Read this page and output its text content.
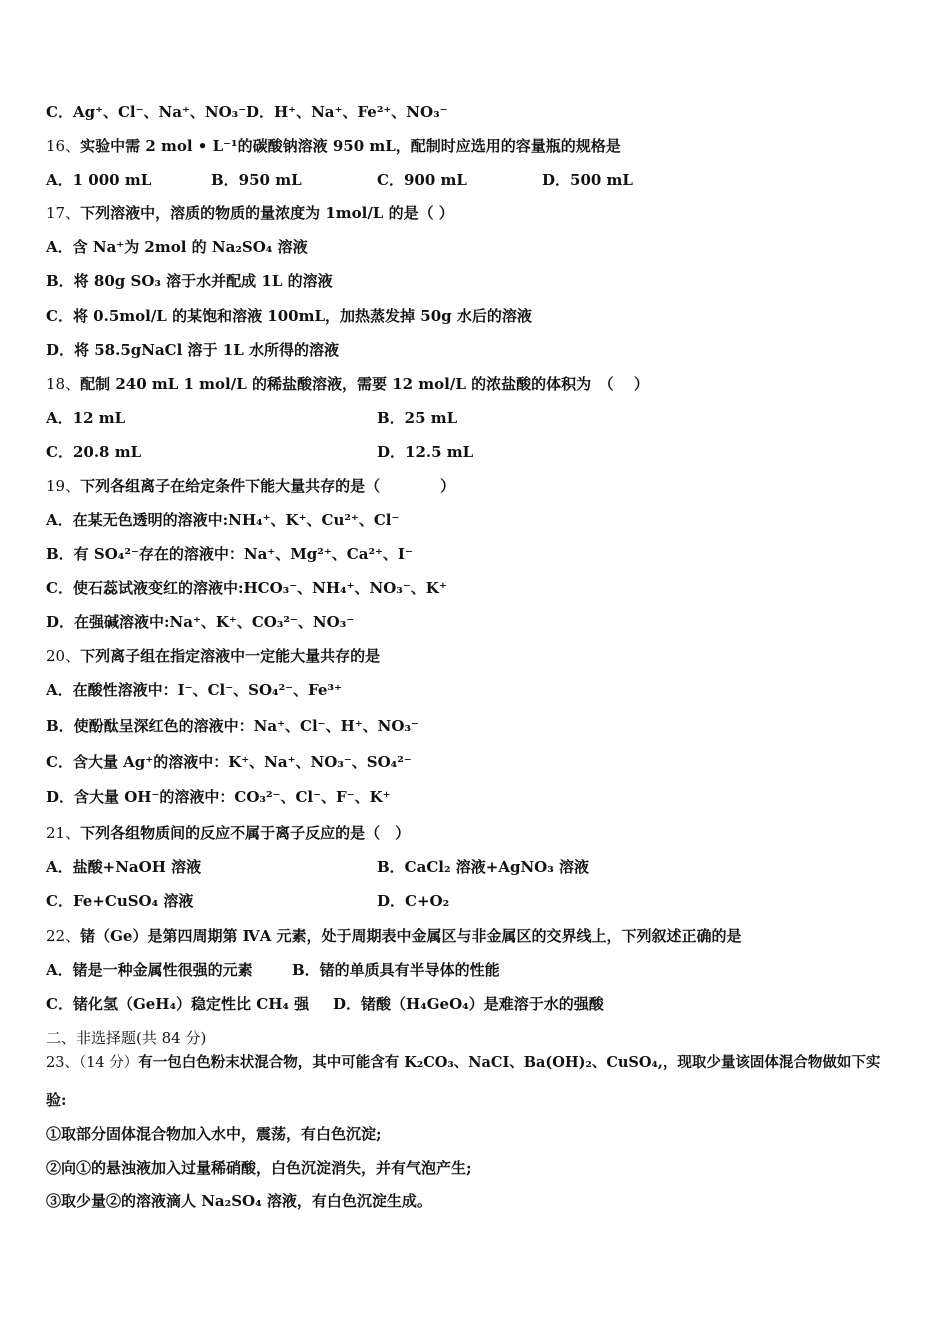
C．Ag⁺、Cl⁻、Na⁺、NO₃⁻ D．H⁺、Na⁺、Fe²⁺、NO₃⁻
16、实验中需 2 mol • L⁻¹的碳酸钠溶液 950 mL，配制时应选用的容量瓶的规格是
A．1 000 mL	B．950 mL	C．900 mL	D．500 mL
17、下列溶液中，溶质的物质的量浓度为 1mol/L 的是（ ）
A．含 Na⁺为 2mol 的 Na₂SO₄ 溶液
B．将 80g SO₃ 溶于水并配成 1L 的溶液
C．将 0.5mol/L 的某饱和溶液 100mL，加热蒸发掉 50g 水后的溶液
D．将 58.5gNaCl 溶于 1L 水所得的溶液
18、配制 240 mL 1 mol/L 的稀盐酸溶液，需要 12 mol/L 的浓盐酸的体积为　（　 ）
A．12 mL	B．25 mL
C．20.8 mL	D．12.5 mL
19、下列各组离子在给定条件下能大量共存的是（　　　　）
A．在某无色透明的溶液中:NH₄⁺、K⁺、Cu²⁺、Cl⁻
B．有 SO₄²⁻存在的溶液中：Na⁺、Mg²⁺、Ca²⁺、I⁻
C．使石蕊试液变红的溶液中:HCO₃⁻、NH₄⁺、NO₃⁻、K⁺
D．在强碱溶液中:Na⁺、K⁺、CO₃²⁻、NO₃⁻
20、下列离子组在指定溶液中一定能大量共存的是
A．在酸性溶液中：I⁻、Cl⁻、SO₄²⁻、Fe³⁺
B．使酚酞呈深红色的溶液中：Na⁺、Cl⁻、H⁺、NO₃⁻
C．含大量 Ag⁺的溶液中：K⁺、Na⁺、NO₃⁻、SO₄²⁻
D．含大量 OH⁻的溶液中：CO₃²⁻、Cl⁻、F⁻、K⁺
21、下列各组物质间的反应不属于离子反应的是（　）
A．盐酸+NaOH 溶液	B．CaCl₂ 溶液+AgNO₃ 溶液
C．Fe+CuSO₄ 溶液	D．C+O₂
22、锗（Ge）是第四周期第 ⅣA 元素，处于周期表中金属区与非金属区的交界线上，下列叙述正确的是
A．锗是一种金属性很强的元素	B．锗的单质具有半导体的性能
C．锗化氢（GeH₄）稳定性比 CH₄ 强 D．锗酸（H₄GeO₄）是难溶于水的强酸
二、非选择题(共 84 分)
23、（14 分）有一包白色粉末状混合物，其中可能含有 K₂CO₃、NaCI、Ba(OH)₂、CuSO₄,，现取少量该固体混合物做如下实
验:
①取部分固体混合物加入水中，震荡，有白色沉淀;
②向①的悬浊液加入过量稀硝酸，白色沉淀消失，并有气泡产生;
③取少量②的溶液滴人 Na₂SO₄ 溶液，有白色沉淀生成。
